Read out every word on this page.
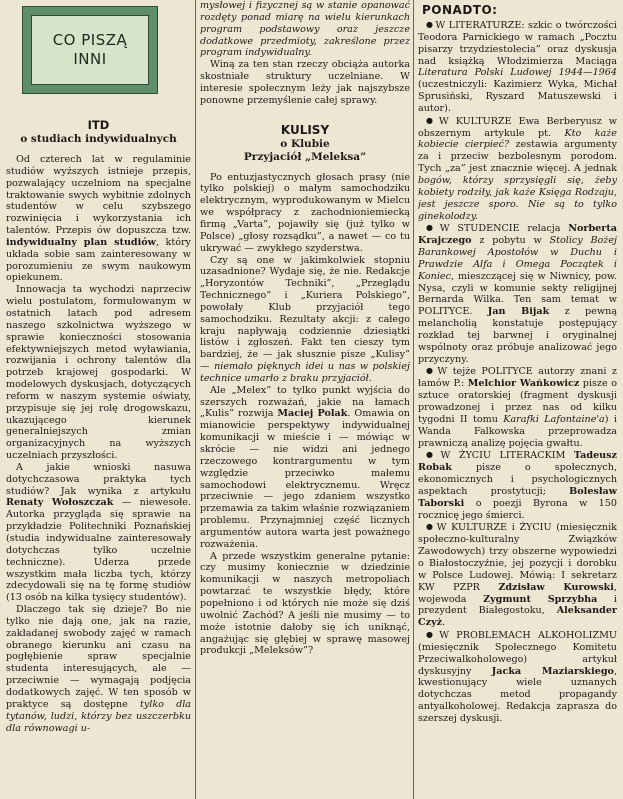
CO PISZĄ
INNI
ITD
o studiach indywidualnych

Od czterech lat w regulaminie studiów wyższych istnieje przepis, pozwalający uczelniom na specjalne traktowanie swych wybitnie zdolnych studentów w celu szybszego rozwinięcia i wykorzystania ich talentów. Przepis ów dopuszcza tzw. indywidualny plan studiów, który układa sobie sam zainteresowany w porozumieniu ze swym naukowym opiekunem.

Innowacja ta wychodzi naprzeciw wielu postulatom, formułowanym w ostatnich latach pod adresem naszego szkolnictwa wyższego w sprawie konieczności stosowania efektywniejszych metod wyławiania, rozwijania i ochrony talentów dla potrzeb krajowej gospodarki. W modelowych dyskusjach, dotyczących reform w naszym systemie oświaty, przypisuje się jej rolę drogowskazu, ukazującego kierunek generalniejszych zmian organizacyjnych na wyższych uczelniach przyszłości.

A jakie wnioski nasuwa dotychczasowa praktyka tych studiów? Jak wynika z artykułu Renaty Wołoszczak — niewesołe. Autorka przygląda się sprawie na przykładzie Politechniki Poznańskiej (studia indywidualne zainteresowały dotychczas tylko uczelnie techniczne). Uderza przede wszystkim mała liczba tych, którzy zdecydowali się na tę formę studiów (13 osób na kilka tysięcy studentów).

Dlaczego tak się dzieje? Bo nie tylko nie dają one, jak na razie, zakładanej swobody zajęć w ramach obranego kierunku ani czasu na pogłębienie spraw specjalnie studenta interesujących, ale — przeciwnie — wymagają podjęcia dodatkowych zajęć. W ten sposób w praktyce są dostępne tylko dla tytanów, ludzi, którzy bez uszczerbku dla równowagi u-

mysłowej i fizycznej są w stanie opanować rozdęty ponad miarę na wielu kierunkach program podstawowy oraz jeszcze dodatkowe przedmioty, zakreślone przez program indywidualny.

Winą za ten stan rzeczy obciąża autorka skostniałe struktury uczelniane. W interesie społecznym leży jak najszybsze ponowne przemyślenie całej sprawy.

KULISY
o Klubie
Przyjaciół „Meleksa”

Po entuzjastycznych głosach prasy (nie tylko polskiej) o małym samochodziku elektrycznym, wyprodukowanym w Mielcu we współpracy z zachodnioniemiecką firmą „Varta”, pojawiły się (już tylko w Polsce) „głosy rozsądku”, a nawet — co tu ukrywać — zwykłego szyderstwa.

Czy są one w jakimkolwiek stopniu uzasadnione? Wydaje się, że nie. Redakcje „Horyzontów Techniki”, „Przeglądu Technicznego” i „Kuriera Polskiego”, powołały Klub przyjaciół tego samochodziku. Rezultaty akcji: z całego kraju napływają codziennie dziesiątki listów i zgłoszeń. Fakt ten cieszy tym bardziej, że — jak słusznie pisze „Kulisy” — niemało pięknych idei u nas w polskiej technice umarło z braku przyjaciół.

Ale „Melex” to tylko punkt wyjścia do szerszych rozważań, jakie na łamach „Kulis” rozwija Maciej Polak. Omawia on mianowicie perspektywy indywidualnej komunikacji w mieście i — mówiąc w skrócie — nie widzi ani jednego rzeczowego kontrargumentu w tym względzie przeciwko małemu samochodowi elektrycznemu. Wręcz przeciwnie — jego zdaniem wszystko przemawia za takim właśnie rozwiązaniem problemu. Przynajmniej część licznych argumentów autora warta jest poważnego rozważenia.

A przede wszystkim generalne pytanie: czy musimy koniecznie w dziedzinie komunikacji w naszych metropoliach powtarzać te wszystkie błędy, które popełniono i od których nie może się dziś uwolnić Zachód? A jeśli nie musimy — to może istotnie dałoby się ich uniknąć, angażując się głębiej w sprawę masowej produkcji „Meleksów”?

PONADTO:

● W LITERATURZE: szkic o twórczości Teodora Parnickiego w ramach „Pocztu pisarzy trzydziestolecia” oraz dyskusja nad książką Włodzimierza Maciąga Literatura Polski Ludowej 1944—1964 (uczestniczyli: Kazimierz Wyka, Michał Sprusiński, Ryszard Matuszewski i autor).

● W KULTURZE Ewa Berberyusz w obszernym artykule pt. Kto każe kobiecie cierpieć? zestawia argumenty za i przeciw bezbolesnym porodom. Tych „za” jest znacznie więcej. A jednak bogów, którzy sprzysięgli się, żeby kobiety rodziły, jak każe Księga Rodzaju, jest jeszcze sporo. Nie są to tylko ginekolodzy.

● W STUDENCIE relacja Norberta Krajczego z pobytu w Stolicy Bożej Barankowej Apostołów w Duchu i Prawdzie Alfa i Omega Początek i Koniec, mieszczącej się w Niwnicy, pow. Nysa, czyli w komunie sekty religijnej Bernarda Wilka. Ten sam temat w POLITYCE. Jan Bijak z pewną melancholią konstatuje postępujący rozkład tej barwnej i oryginalnej wspólnoty oraz próbuje analizować jego przyczyny.

● W tejże POLITYCE autorzy znani z łamów P.: Melchior Wańkowicz pisze o sztuce oratorskiej (fragment dyskusji prowadzonej i przez nas od kilku tygodni II tomu Karafki Lafontaine'a) i Wanda Falkowska przeprowadza prawniczą analizę pojęcia gwałtu.

● W ŻYCIU LITERACKIM Tadeusz Robak pisze o społecznych, ekonomicznych i psychologicznych aspektach prostytucji; Bolesław Taborski o poezji Byrona w 150 rocznicę jego śmierci.

● W KULTURZE i ŻYCIU (miesięcznik społeczno-kulturalny Związków Zawodowych) trzy obszerne wypowiedzi o Białostoczyźnie, jej pozycji i dorobku w Polsce Ludowej. Mówią: I sekretarz KW PZPR Zdzisław Kurowski, wojewoda Zygmunt Sprzybha i prezydent Białegostoku, Aleksander Czyż.

● W PROBLEMACH ALKOHOLIZMU (miesięcznik Społecznego Komitetu Przeciwalkoholowego) artykuł dyskusyjny Jacka Maziarskiego, kwestionujący wiele uznanych dotychczas metod propagandy antyalkoholowej. Redakcja zaprasza do szerszej dyskusji.
